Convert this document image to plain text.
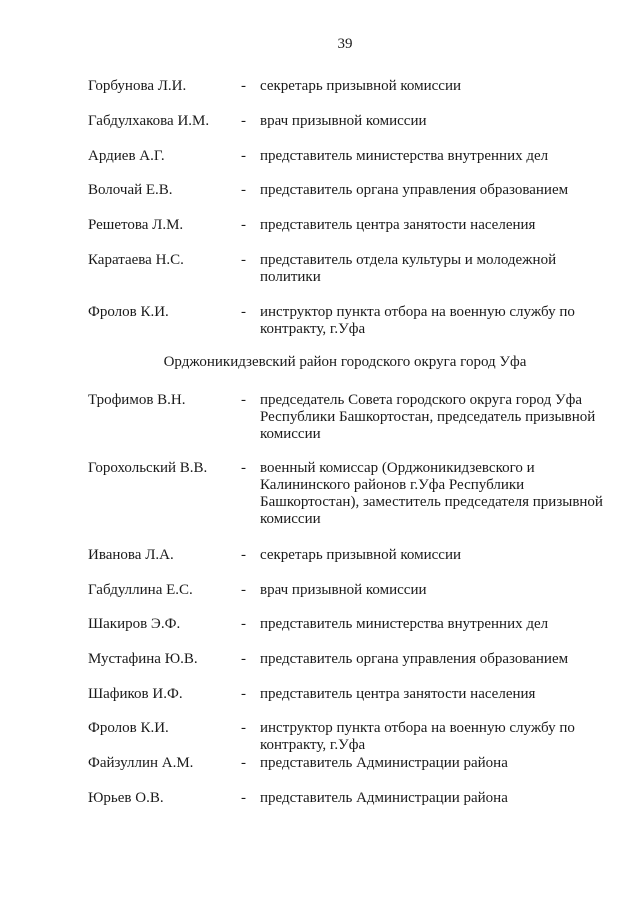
39
Горбунова Л.И.	- секретарь призывной комиссии
Габдулхакова И.М. - врач призывной комиссии
Ардиев А.Г.	- представитель министерства внутренних дел
Волочай Е.В.	- представитель органа управления образованием
Решетова Л.М.	- представитель центра занятости населения
Каратаева Н.С.	- представитель отдела культуры и молодежной политики
Фролов К.И.	- инструктор пункта отбора на военную службу по контракту, г.Уфа
Орджоникидзевский район городского округа город Уфа
Трофимов В.Н.	- председатель Совета городского округа город Уфа Республики Башкортостан, председатель призывной комиссии
Горохольский В.В. - военный комиссар (Орджоникидзевского и Калининского районов г.Уфа Республики Башкортостан), заместитель председателя призывной комиссии
Иванова Л.А.	- секретарь призывной комиссии
Габдуллина Е.С.	- врач призывной комиссии
Шакиров Э.Ф.	- представитель министерства внутренних дел
Мустафина Ю.В.	- представитель органа управления образованием
Шафиков И.Ф.	- представитель центра занятости населения
Фролов К.И.	- инструктор пункта отбора на военную службу по контракту, г.Уфа
Файзуллин А.М.	- представитель Администрации района
Юрьев О.В.	- представитель Администрации района
